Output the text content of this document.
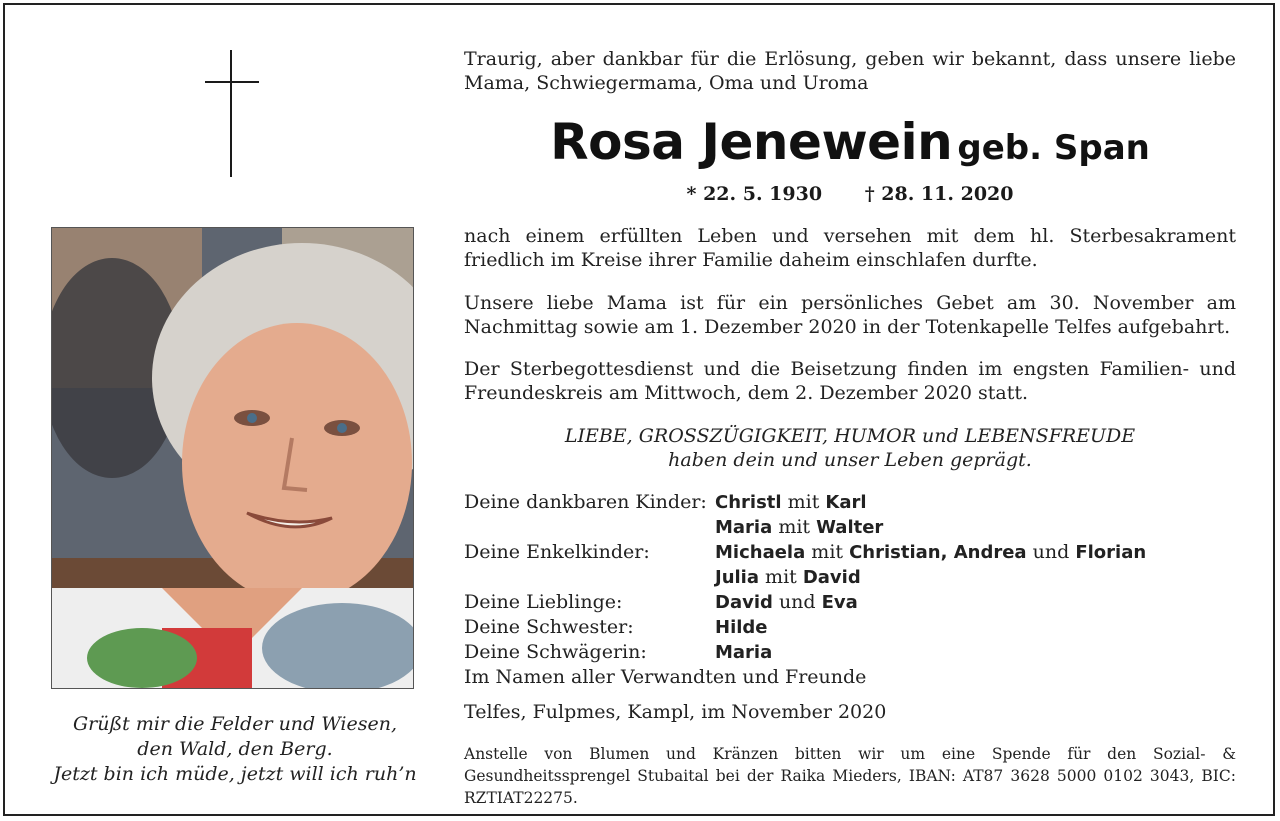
Grüßt mir die Felder und Wiesen,
den Wald, den Berg.
Jetzt bin ich müde, jetzt will ich ruh’n

Traurig, aber dankbar für die Erlösung, geben wir bekannt, dass unsere liebe Mama, Schwiegermama, Oma und Uroma

Rosa Jenewein geb. Span
* 22. 5. 1930 † 28. 11. 2020

nach einem erfüllten Leben und versehen mit dem hl. Sterbesakrament friedlich im Kreise ihrer Familie daheim einschlafen durfte.

Unsere liebe Mama ist für ein persönliches Gebet am 30. November am Nachmittag sowie am 1. Dezember 2020 in der Totenkapelle Telfes aufgebahrt.

Der Sterbegottesdienst und die Beisetzung finden im engsten Familien- und Freundeskreis am Mittwoch, dem 2. Dezember 2020 statt.

LIEBE, GROSSZÜGIGKEIT, HUMOR und LEBENSFREUDE
haben dein und unser Leben geprägt.
Deine dankbaren Kinder: Christl mit Karl
Maria mit Walter
Deine Enkelkinder:	Michaela mit Christian, Andrea und Florian
Julia mit David
Deine Lieblinge:	David und Eva
Deine Schwester:	Hilde
Deine Schwägerin:	Maria
Im Namen aller Verwandten und Freunde
Telfes, Fulpmes, Kampl, im November 2020
Anstelle von Blumen und Kränzen bitten wir um eine Spende für den Sozial- & Gesundheitssprengel Stubaital bei der Raika Mieders, IBAN: AT87 3628 5000 0102 3043, BIC: RZTIAT22275.
